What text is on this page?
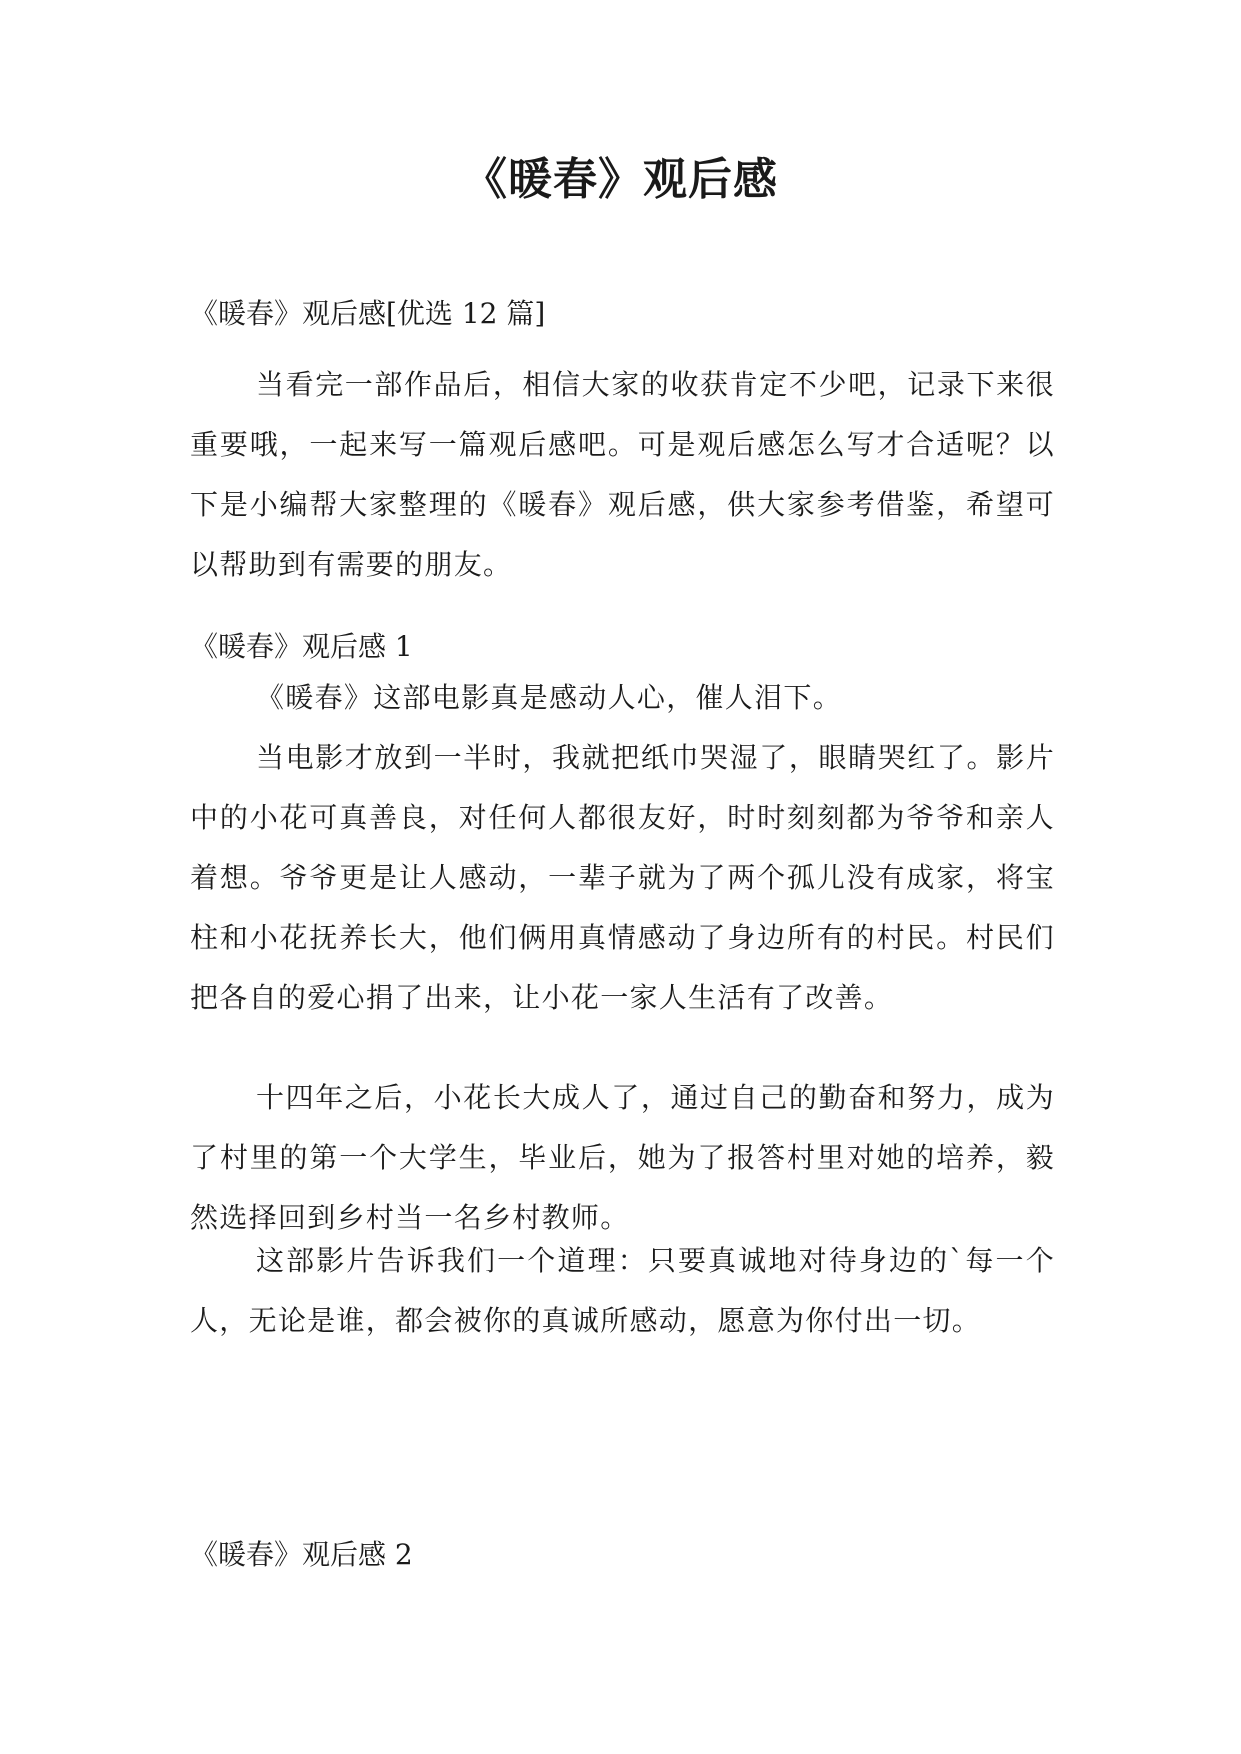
《暖春》观后感

《暖春》观后感[优选 12 篇]

当看完一部作品后，相信大家的收获肯定不少吧，记录下来很重要哦，一起来写一篇观后感吧。可是观后感怎么写才合适呢？以下是小编帮大家整理的《暖春》观后感，供大家参考借鉴，希望可以帮助到有需要的朋友。

《暖春》观后感 1

《暖春》这部电影真是感动人心，催人泪下。

当电影才放到一半时，我就把纸巾哭湿了，眼睛哭红了。影片中的小花可真善良，对任何人都很友好，时时刻刻都为爷爷和亲人着想。爷爷更是让人感动，一辈子就为了两个孤儿没有成家，将宝柱和小花抚养长大，他们俩用真情感动了身边所有的村民。村民们把各自的爱心捐了出来，让小花一家人生活有了改善。

十四年之后，小花长大成人了，通过自己的勤奋和努力，成为了村里的第一个大学生，毕业后，她为了报答村里对她的培养，毅然选择回到乡村当一名乡村教师。

这部影片告诉我们一个道理：只要真诚地对待身边的`每一个人，无论是谁，都会被你的真诚所感动，愿意为你付出一切。

《暖春》观后感 2
